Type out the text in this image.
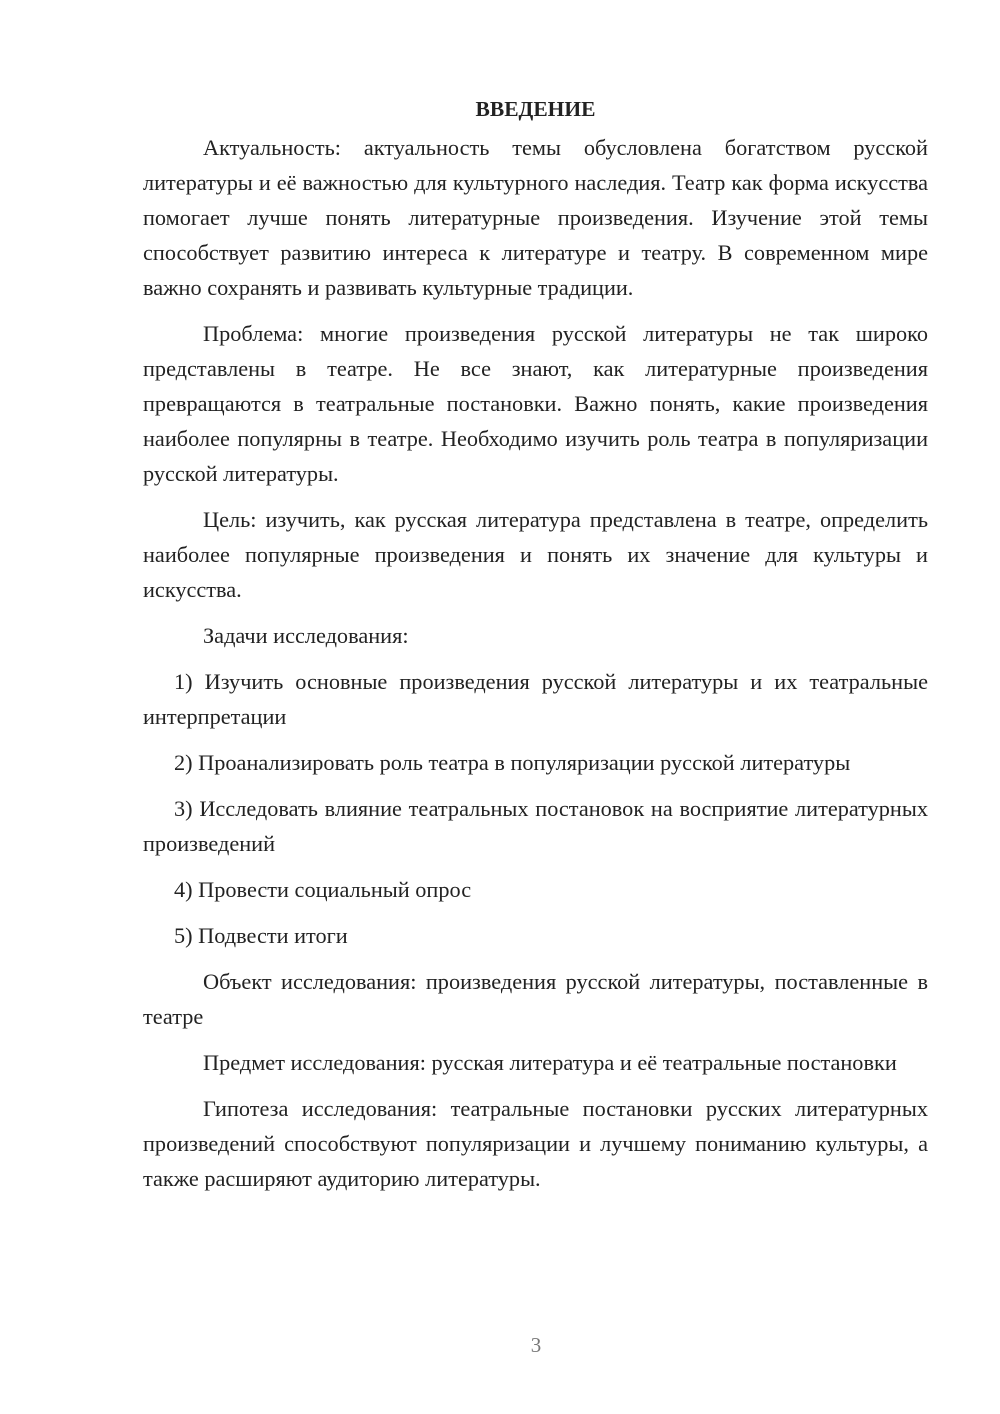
ВВЕДЕНИЕ

Актуальность: актуальность темы обусловлена богатством русской литературы и её важностью для культурного наследия. Театр как форма искусства помогает лучше понять литературные произведения. Изучение этой темы способствует развитию интереса к литературе и театру. В современном мире важно сохранять и развивать культурные традиции.

Проблема: многие произведения русской литературы не так широко представлены в театре. Не все знают, как литературные произведения превращаются в театральные постановки. Важно понять, какие произведения наиболее популярны в театре. Необходимо изучить роль театра в популяризации русской литературы.

Цель: изучить, как русская литература представлена в театре, определить наиболее популярные произведения и понять их значение для культуры и искусства.

Задачи исследования:

1) Изучить основные произведения русской литературы и их театральные интерпретации

2) Проанализировать роль театра в популяризации русской литературы

3) Исследовать влияние театральных постановок на восприятие литературных произведений

4) Провести социальный опрос

5) Подвести итоги

Объект исследования: произведения русской литературы, поставленные в театре

Предмет исследования: русская литература и её театральные постановки

Гипотеза исследования: театральные постановки русских литературных произведений способствуют популяризации и лучшему пониманию культуры, а также расширяют аудиторию литературы.

3
